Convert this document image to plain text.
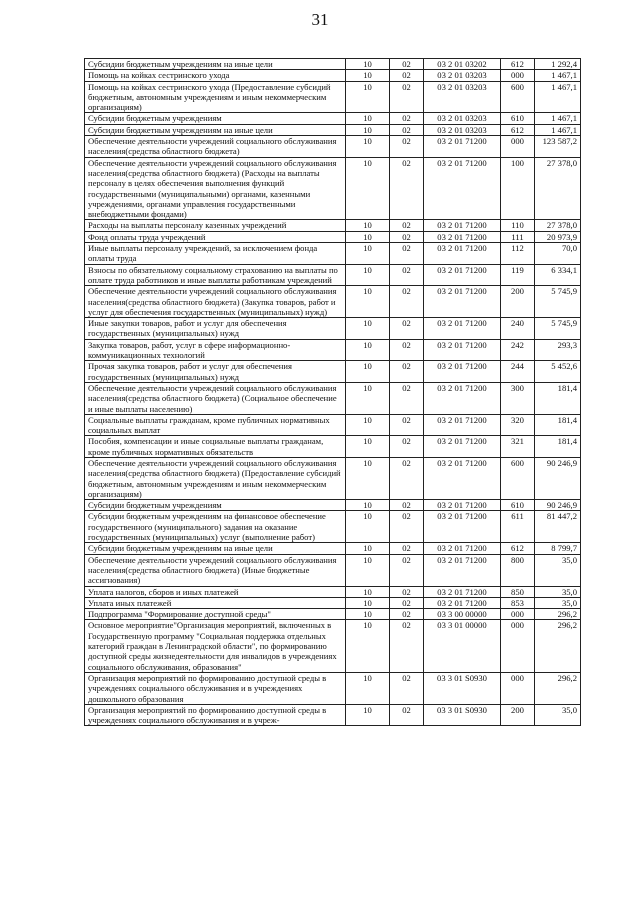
31
Субсидии бюджетным учреждениям на иные цели	10	02	03 2 01 03202	612	1 292,4
Помощь на койках сестринского ухода	10	02	03 2 01 03203	000	1 467,1
Помощь на койках сестринского ухода (Предоставление субсидий бюджетным, автономным учреждениям и иным некоммерческим организациям)	10	02	03 2 01 03203	600	1 467,1
Субсидии бюджетным учреждениям	10	02	03 2 01 03203	610	1 467,1
Субсидии бюджетным учреждениям на иные цели	10	02	03 2 01 03203	612	1 467,1
Обеспечение деятельности учреждений социального обслуживания населения(средства областного бюджета)	10	02	03 2 01 71200	000	123 587,2
Обеспечение деятельности учреждений социального обслуживания населения(средства областного бюджета) (Расходы на выплаты персоналу в целях обеспечения выполнения функций государственными (муниципальными) органами, казенными учреждениями, органами управления государственными внебюджетными фондами)	10	02	03 2 01 71200	100	27 378,0
Расходы на выплаты персоналу казенных учреждений	10	02	03 2 01 71200	110	27 378,0
Фонд оплаты труда учреждений	10	02	03 2 01 71200	111	20 973,9
Иные выплаты персоналу учреждений, за исключением фонда оплаты труда	10	02	03 2 01 71200	112	70,0
Взносы по обязательному социальному страхованию на выплаты по оплате труда работников и иные выплаты работникам учреждений	10	02	03 2 01 71200	119	6 334,1
Обеспечение деятельности учреждений социального обслуживания населения(средства областного бюджета) (Закупка товаров, работ и услуг для обеспечения государственных (муниципальных) нужд)	10	02	03 2 01 71200	200	5 745,9
Иные закупки товаров, работ и услуг для обеспечения государственных (муниципальных) нужд	10	02	03 2 01 71200	240	5 745,9
Закупка товаров, работ, услуг в сфере информационно-коммуникационных технологий	10	02	03 2 01 71200	242	293,3
Прочая закупка товаров, работ и услуг для обеспечения государственных (муниципальных) нужд	10	02	03 2 01 71200	244	5 452,6
Обеспечение деятельности учреждений социального обслуживания населения(средства областного бюджета) (Социальное обеспечение и иные выплаты населению)	10	02	03 2 01 71200	300	181,4
Социальные выплаты гражданам, кроме публичных нормативных социальных выплат	10	02	03 2 01 71200	320	181,4
Пособия, компенсации и иные социальные выплаты гражданам, кроме публичных нормативных обязательств	10	02	03 2 01 71200	321	181,4
Обеспечение деятельности учреждений социального обслуживания населения(средства областного бюджета) (Предоставление субсидий бюджетным, автономным учреждениям и иным некоммерческим организациям)	10	02	03 2 01 71200	600	90 246,9
Субсидии бюджетным учреждениям	10	02	03 2 01 71200	610	90 246,9
Субсидии бюджетным учреждениям на финансовое обеспечение государственного (муниципального) задания на оказание государственных (муниципальных) услуг (выполнение работ)	10	02	03 2 01 71200	611	81 447,2
Субсидии бюджетным учреждениям на иные цели	10	02	03 2 01 71200	612	8 799,7
Обеспечение деятельности учреждений социального обслуживания населения(средства областного бюджета) (Иные бюджетные ассигнования)	10	02	03 2 01 71200	800	35,0
Уплата налогов, сборов и иных платежей	10	02	03 2 01 71200	850	35,0
Уплата иных платежей	10	02	03 2 01 71200	853	35,0
Подпрограмма "Формирование доступной среды"	10	02	03 3 00 00000	000	296,2
Основное мероприятие"Организация мероприятий, включенных в Государственную программу "Социальная поддержка отдельных категорий граждан в Ленинградской области", по формированию доступной среды жизнедеятельности для инвалидов в учреждениях социального обслуживания, образования"	10	02	03 3 01 00000	000	296,2
Организация мероприятий по формированию доступной среды в учреждениях социального обслуживания и в учреждениях дошкольного образования	10	02	03 3 01 S0930	000	296,2
Организация мероприятий по формированию доступной среды в учреждениях социального обслуживания и в учреж-	10	02	03 3 01 S0930	200	35,0
